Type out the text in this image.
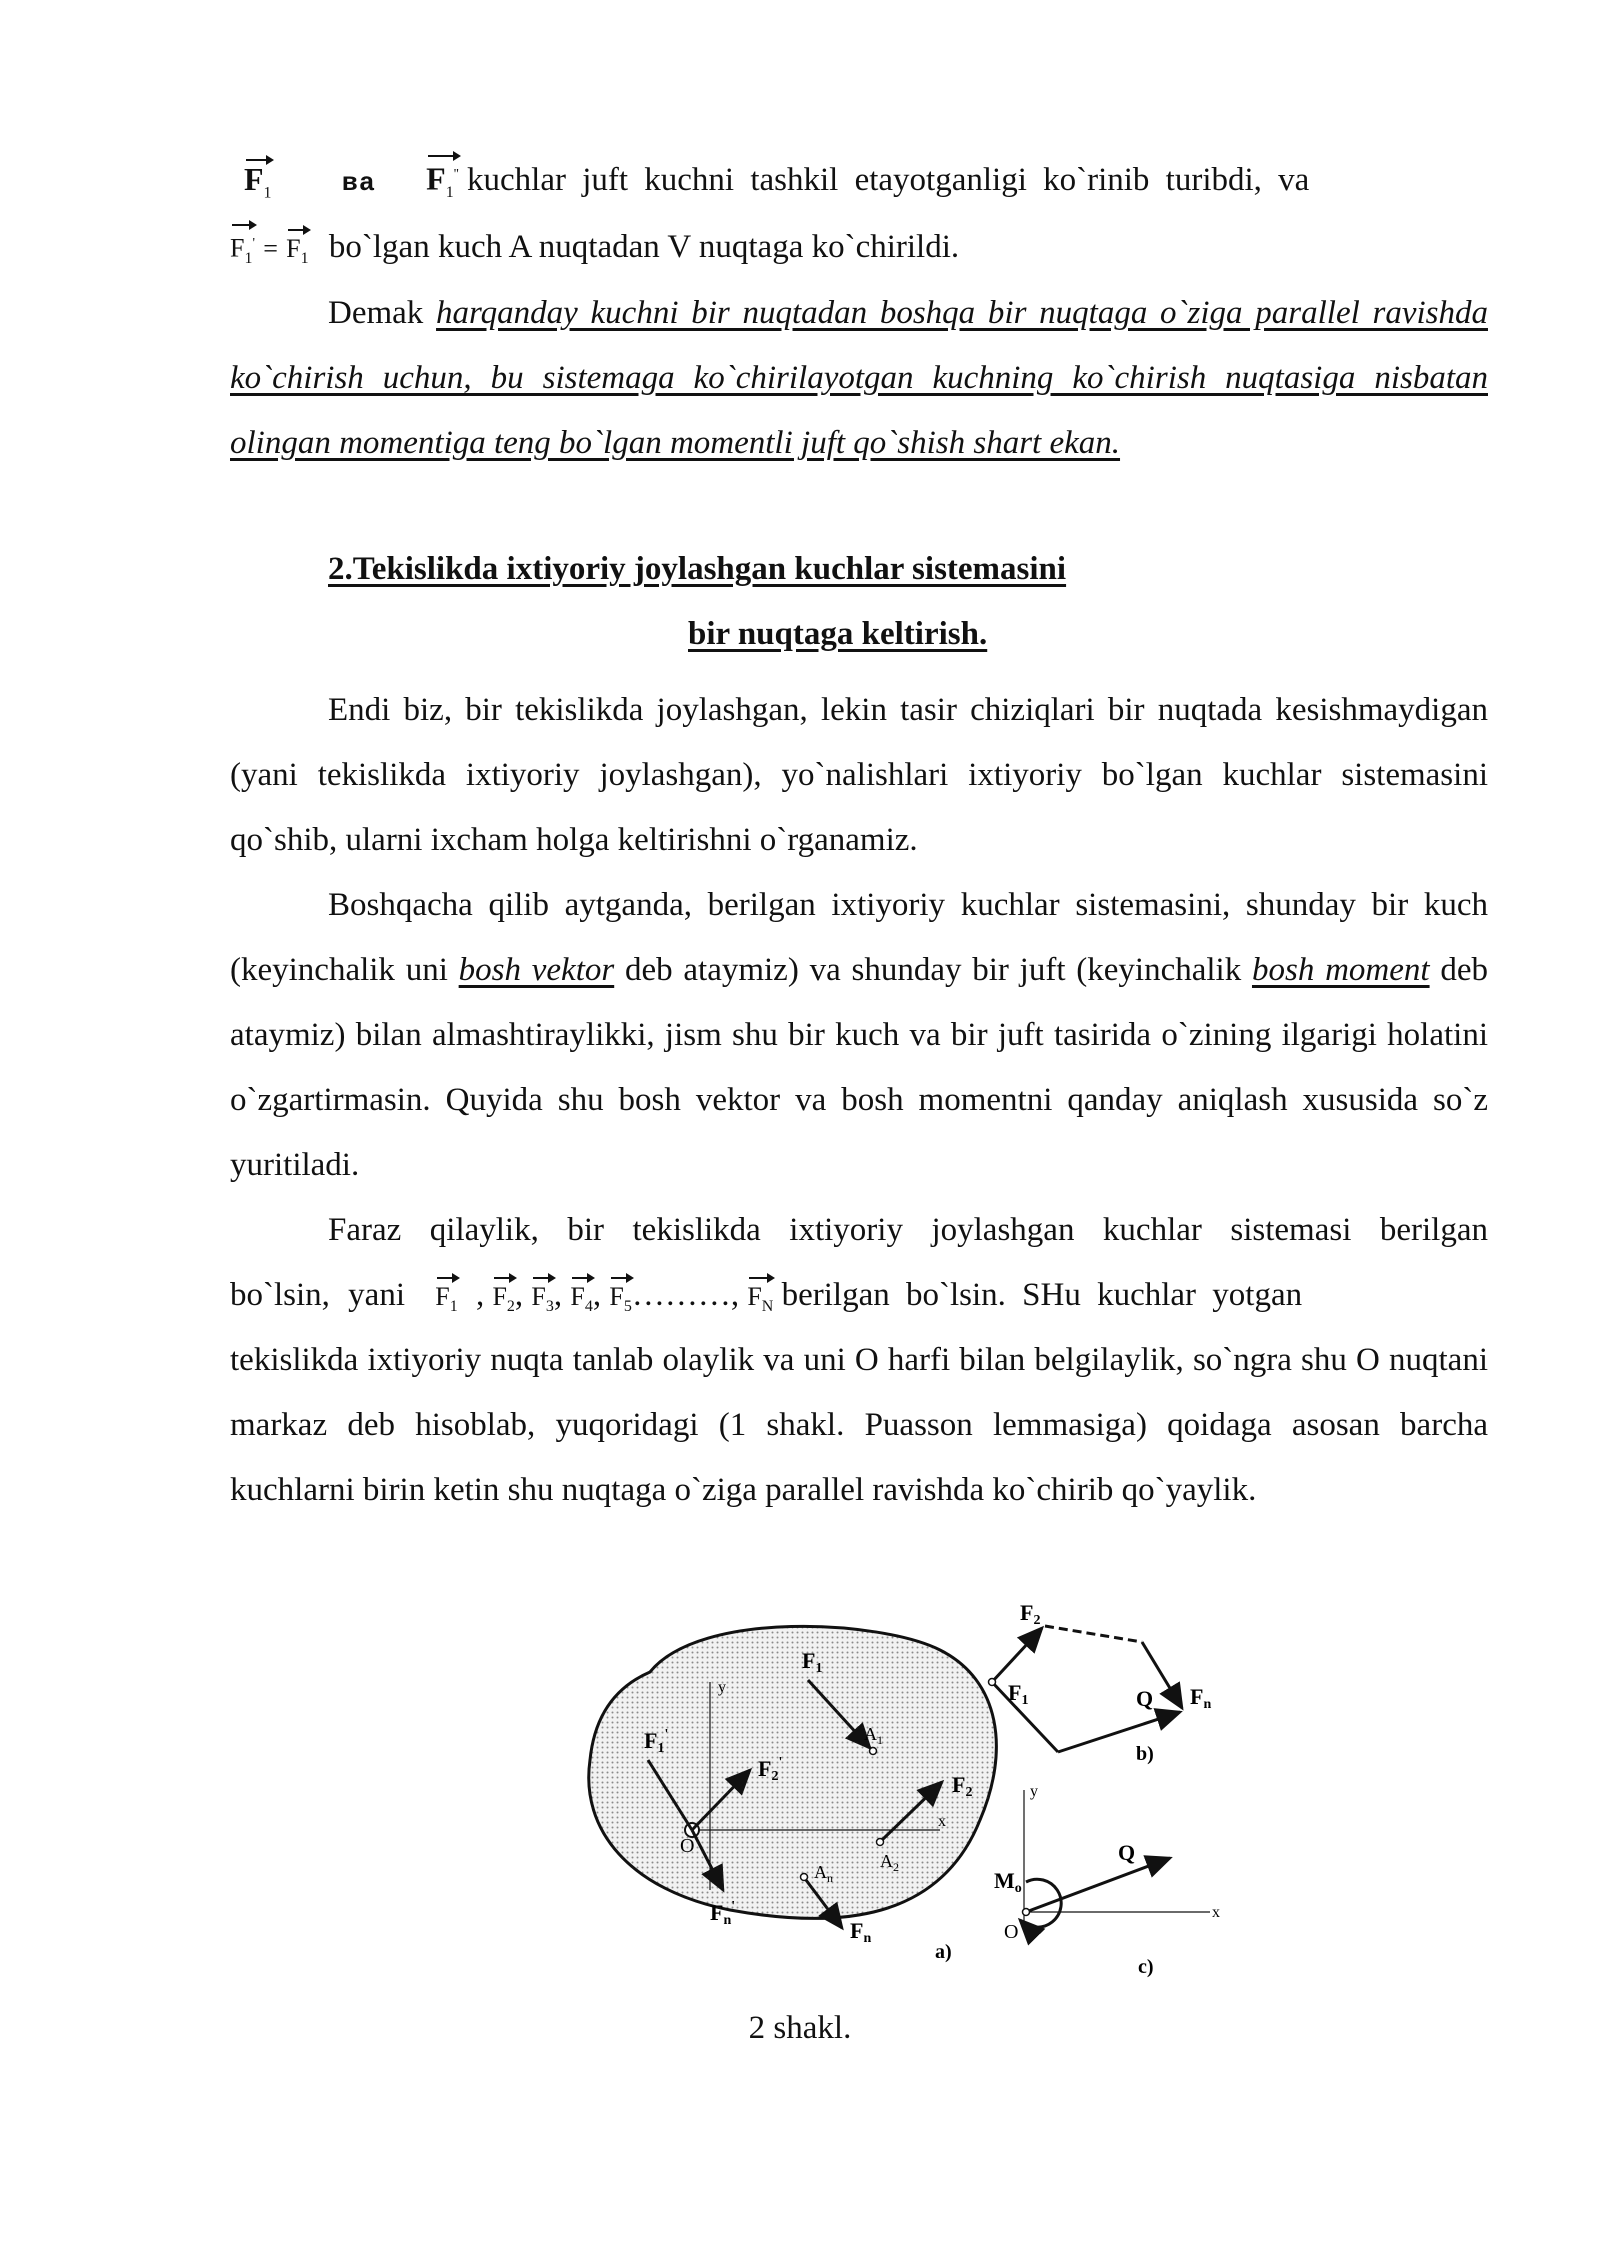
$F_1$	ва $F_1''$ kuchlar juft kuchni tashkil etayotganligi ko`rinib turibdi, va
$F_1' = F_1$ bo`lgan kuch A nuqtadan V nuqtaga ko`chirildi.

Demak harqanday kuchni bir nuqtadan boshqa bir nuqtaga o`ziga parallel ravishda ko`chirish uchun, bu sistemaga ko`chirilayotgan kuchning ko`chirish nuqtasiga nisbatan olingan momentiga teng bo`lgan momentli juft qo`shish shart ekan.

2.Tekislikda ixtiyoriy joylashgan kuchlar sistemasini
bir nuqtaga keltirish.

Endi biz, bir tekislikda joylashgan, lekin tasir chiziqlari bir nuqtada kesishmaydigan (yani tekislikda ixtiyoriy joylashgan), yo`nalishlari ixtiyoriy bo`lgan kuchlar sistemasini qo`shib, ularni ixcham holga keltirishni o`rganamiz.

Boshqacha qilib aytganda, berilgan ixtiyoriy kuchlar sistemasini, shunday bir kuch (keyinchalik uni bosh vektor deb ataymiz) va shunday bir juft (keyinchalik bosh moment deb ataymiz) bilan almashtiraylikki, jism shu bir kuch va bir juft tasirida o`zining ilgarigi holatini o`zgartirmasin. Quyida shu bosh vektor va bosh momentni qanday aniqlash xususida so`z yuritiladi.

Faraz qilaylik, bir tekislikda ixtiyoriy joylashgan kuchlar sistemasi berilgan
bo`lsin, yani $F_1$ , $F_2$, $F_3$, $F_4$, $F_5\dots\dots\dots$, $F_N$ berilgan bo`lsin. SHu kuchlar yotgan

tekislikda ixtiyoriy nuqta tanlab olaylik va uni O harfi bilan belgilaylik, so`ngra shu O nuqtani markaz deb hisoblab, yuqoridagi (1 shakl. Puasson lemmasiga) qoidaga asosan barcha kuchlarni birin ketin shu nuqtaga o`ziga parallel ravishda ko`chirib qo`yaylik.

y
x
O
F1
$A_1$
F1'
F2'
F2
$A_2$
Fn'
$A_n$
Fn
a)
F2
F1	Q Fn
b)
y
x
O
Mo
Q
c)
2 shakl.
